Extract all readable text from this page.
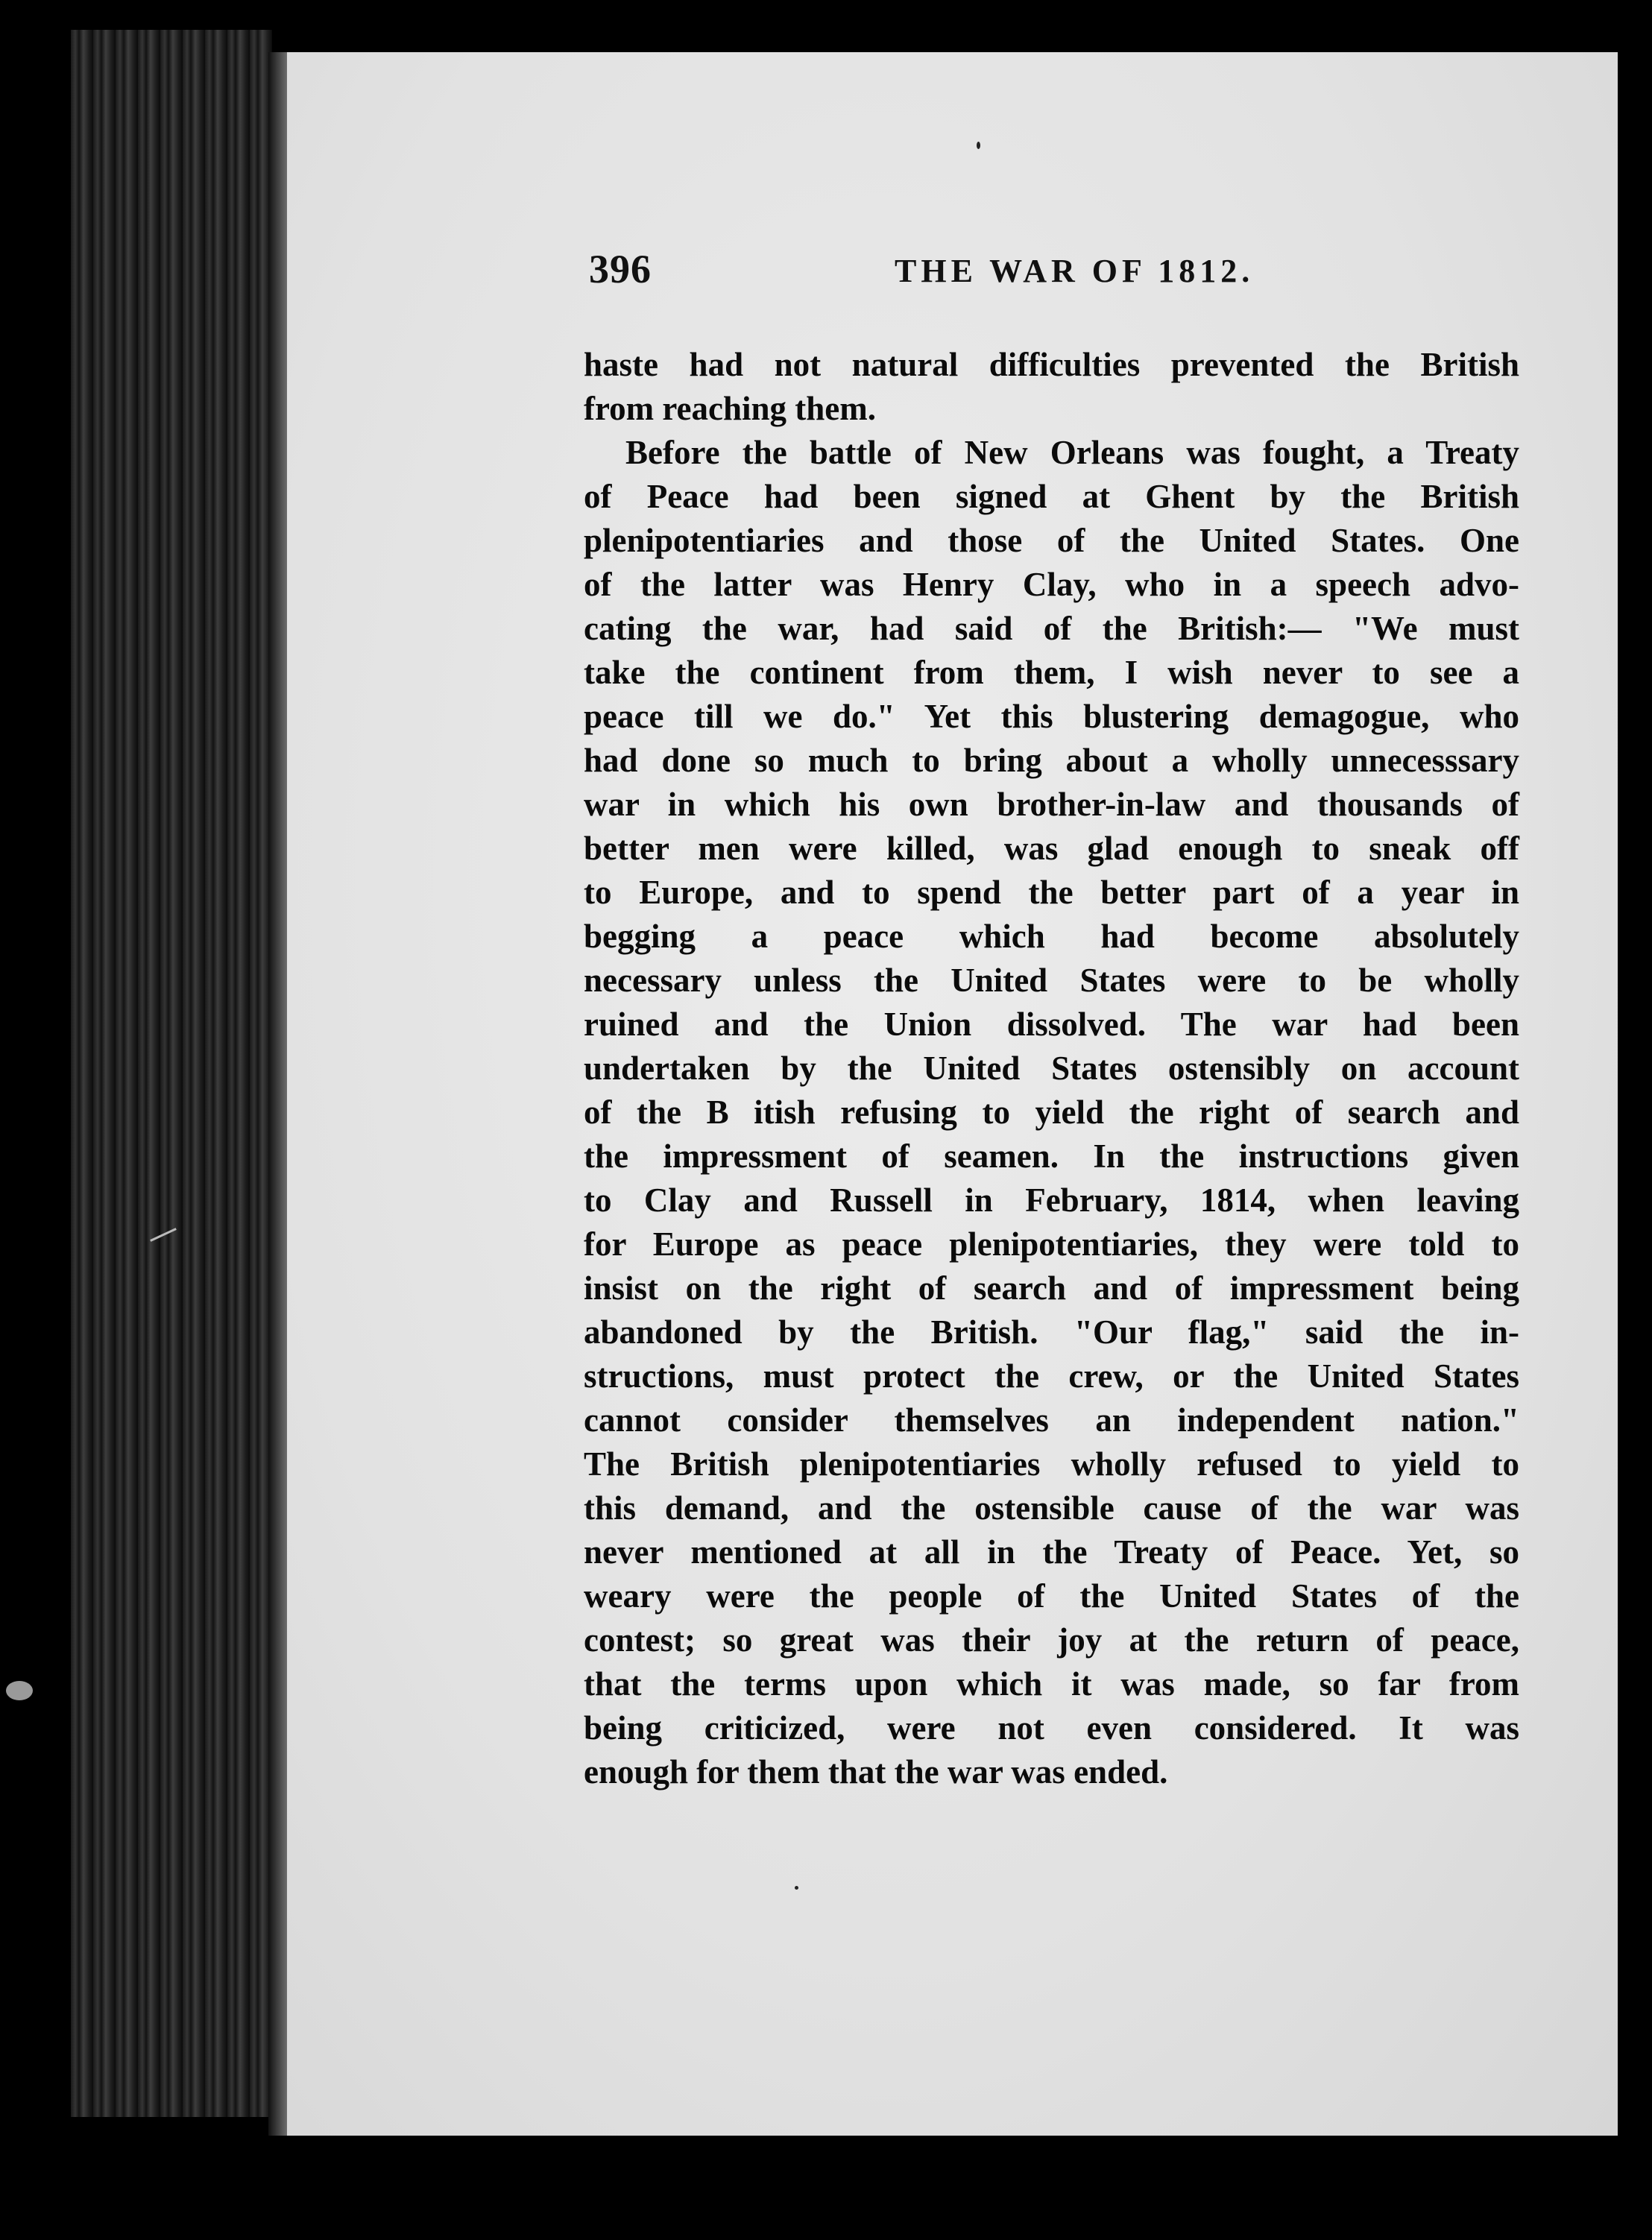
396	THE WAR OF 1812.
haste had not natural difficulties prevented the British
from reaching them.
Before the battle of New Orleans was fought, a Treaty
of Peace had been signed at Ghent by the British
plenipotentiaries and those of the United States. One
of the latter was Henry Clay, who in a speech advo-
cating the war, had said of the British:— "We must
take the continent from them, I wish never to see a
peace till we do." Yet this blustering demagogue, who
had done so much to bring about a wholly unnecesssary
war in which his own brother-in-law and thousands of
better men were killed, was glad enough to sneak off
to Europe, and to spend the better part of a year in
begging a peace which had become absolutely
necessary unless the United States were to be wholly
ruined and the Union dissolved. The war had been
undertaken by the United States ostensibly on account
of the B itish refusing to yield the right of search and
the impressment of seamen. In the instructions given
to Clay and Russell in February, 1814, when leaving
for Europe as peace plenipotentiaries, they were told to
insist on the right of search and of impressment being
abandoned by the British. "Our flag," said the in-
structions, must protect the crew, or the United States
cannot consider themselves an independent nation."
The British plenipotentiaries wholly refused to yield to
this demand, and the ostensible cause of the war was
never mentioned at all in the Treaty of Peace. Yet, so
weary were the people of the United States of the
contest; so great was their joy at the return of peace,
that the terms upon which it was made, so far from
being criticized, were not even considered. It was
enough for them that the war was ended.
